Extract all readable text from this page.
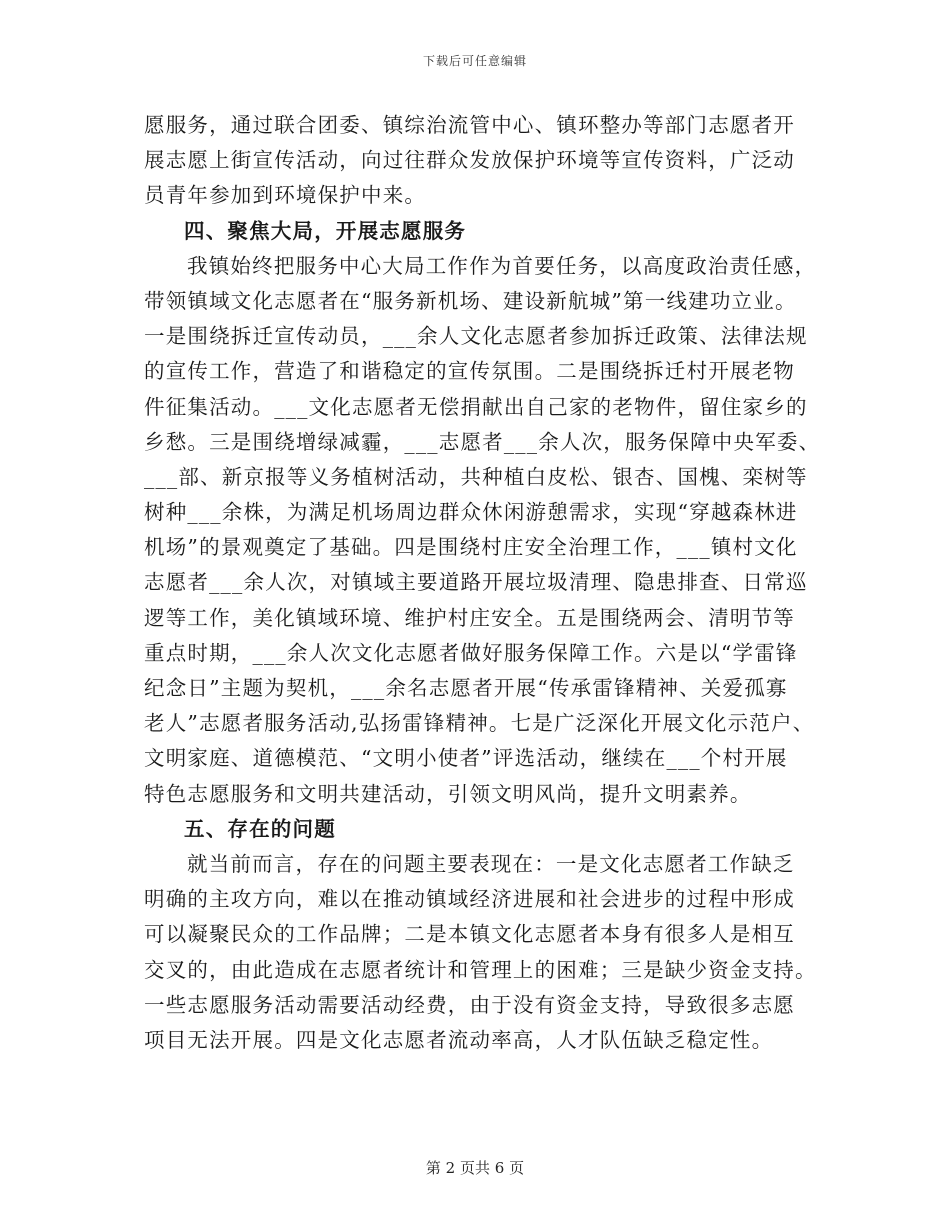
下载后可任意编辑
愿服务，通过联合团委、镇综治流管中心、镇环整办等部门志愿者开
展志愿上街宣传活动，向过往群众发放保护环境等宣传资料，广泛动
员青年参加到环境保护中来。
四、聚焦大局，开展志愿服务
我镇始终把服务中心大局工作作为首要任务，以高度政治责任感，
带领镇域文化志愿者在“服务新机场、建设新航城”第一线建功立业。
一是围绕拆迁宣传动员，___余人文化志愿者参加拆迁政策、法律法规
的宣传工作，营造了和谐稳定的宣传氛围。二是围绕拆迁村开展老物
件征集活动。___文化志愿者无偿捐献出自己家的老物件，留住家乡的
乡愁。三是围绕增绿减霾，___志愿者___余人次，服务保障中央军委、
___部、新京报等义务植树活动，共种植白皮松、银杏、国槐、栾树等
树种___余株，为满足机场周边群众休闲游憩需求，实现“穿越森林进
机场”的景观奠定了基础。四是围绕村庄安全治理工作，___镇村文化
志愿者___余人次，对镇域主要道路开展垃圾清理、隐患排查、日常巡
逻等工作，美化镇域环境、维护村庄安全。五是围绕两会、清明节等
重点时期，___余人次文化志愿者做好服务保障工作。六是以“学雷锋
纪念日”主题为契机，___余名志愿者开展“传承雷锋精神、关爱孤寡
老人”志愿者服务活动,弘扬雷锋精神。七是广泛深化开展文化示范户、
文明家庭、道德模范、“文明小使者”评选活动，继续在___个村开展
特色志愿服务和文明共建活动，引领文明风尚，提升文明素养。
五、存在的问题
就当前而言，存在的问题主要表现在：一是文化志愿者工作缺乏
明确的主攻方向，难以在推动镇域经济进展和社会进步的过程中形成
可以凝聚民众的工作品牌；二是本镇文化志愿者本身有很多人是相互
交叉的，由此造成在志愿者统计和管理上的困难；三是缺少资金支持。
一些志愿服务活动需要活动经费，由于没有资金支持，导致很多志愿
项目无法开展。四是文化志愿者流动率高，人才队伍缺乏稳定性。
第 2 页共 6 页
